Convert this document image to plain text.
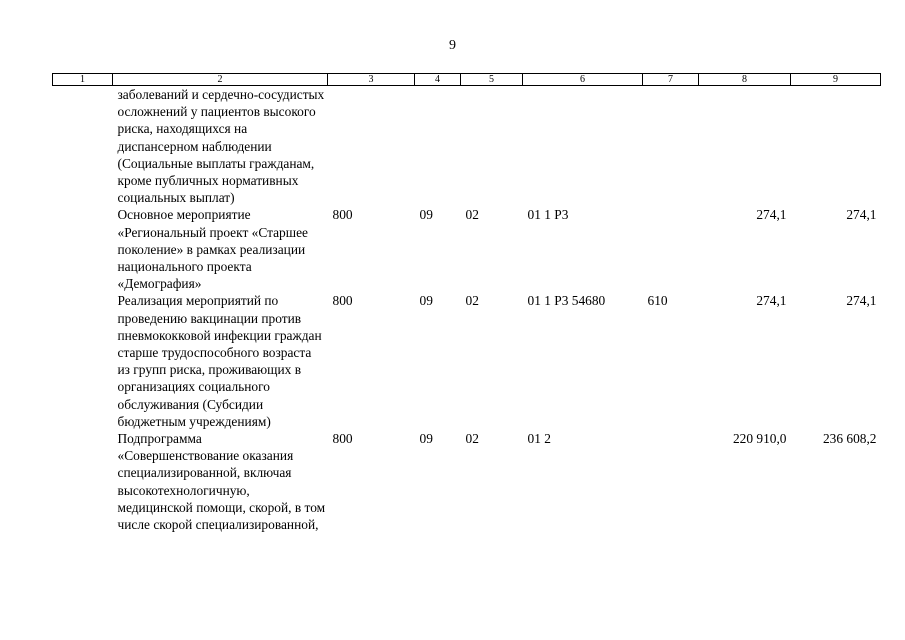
9
1	2	3	4	5	6	7	8	9
	заболеваний и сердечно-сосудистых осложнений у пациентов высокого риска, находящихся на диспансерном наблюдении (Социальные выплаты гражданам, кроме публичных нормативных социальных выплат)							
	Основное мероприятие «Региональный проект «Старшее поколение» в рамках реализации национального проекта «Демография»	800	09	02	01 1 P3		274,1	274,1
	Реализация мероприятий по проведению вакцинации против пневмококковой инфекции граждан старше трудоспособного возраста из групп риска, проживающих в организациях социального обслуживания (Субсидии бюджетным учреждениям)	800	09	02	01 1 P3 54680	610	274,1	274,1
	Подпрограмма «Совершенствование оказания специализированной, включая высокотехнологичную, медицинской помощи, скорой, в том числе скорой специализированной,	800	09	02	01 2		220 910,0	236 608,2
